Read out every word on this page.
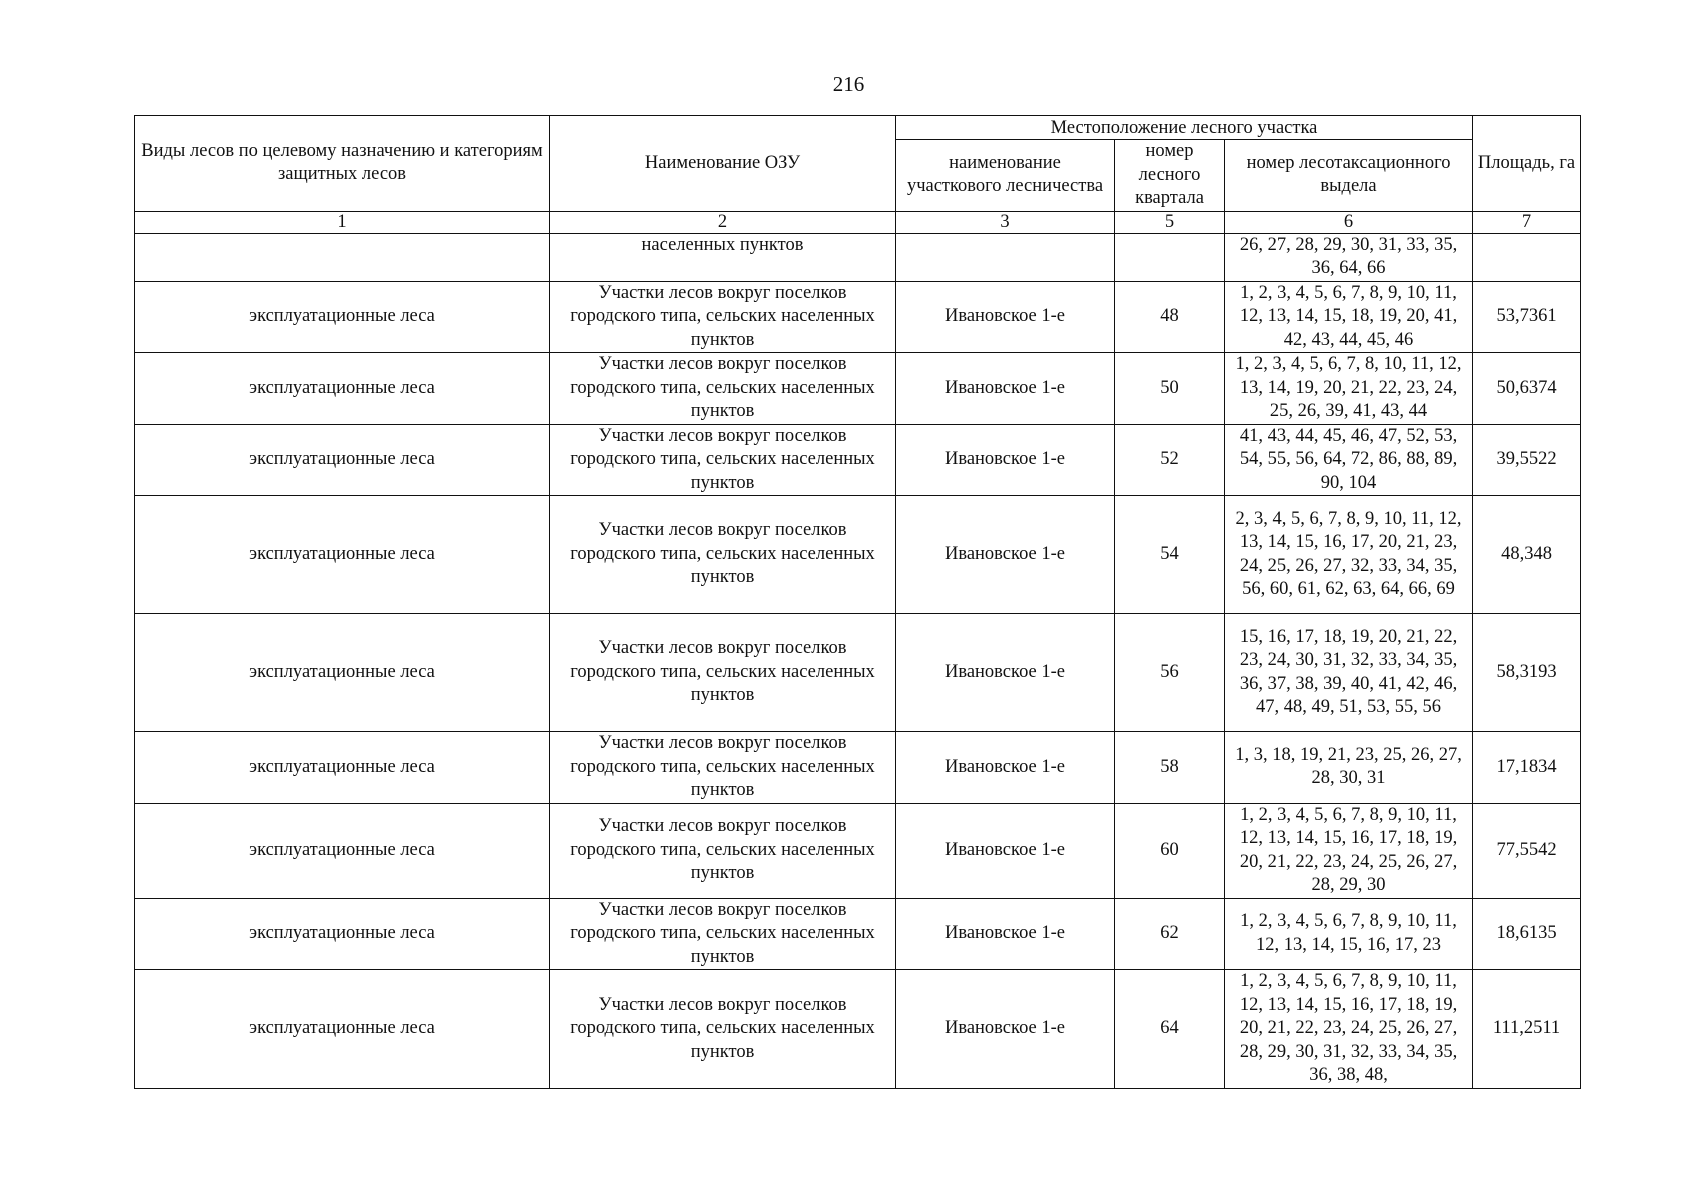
216
Виды лесов по целевому назначению и категориям защитных лесов	Наименование ОЗУ	Местоположение лесного участка			Площадь, га
		наименование участкового лесничества	номер лесного квартала	номер лесотаксационного выдела	
1	2	3	5	6	7
	населенных пунктов			26, 27, 28, 29, 30, 31, 33, 35, 36, 64, 66	
эксплуатационные леса	Участки лесов вокруг поселков городского типа, сельских населенных пунктов	Ивановское 1-е	48	1, 2, 3, 4, 5, 6, 7, 8, 9, 10, 11, 12, 13, 14, 15, 18, 19, 20, 41, 42, 43, 44, 45, 46	53,7361
эксплуатационные леса	Участки лесов вокруг поселков городского типа, сельских населенных пунктов	Ивановское 1-е	50	1, 2, 3, 4, 5, 6, 7, 8, 10, 11, 12, 13, 14, 19, 20, 21, 22, 23, 24, 25, 26, 39, 41, 43, 44	50,6374
эксплуатационные леса	Участки лесов вокруг поселков городского типа, сельских населенных пунктов	Ивановское 1-е	52	41, 43, 44, 45, 46, 47, 52, 53, 54, 55, 56, 64, 72, 86, 88, 89, 90, 104	39,5522
эксплуатационные леса	Участки лесов вокруг поселков городского типа, сельских населенных пунктов	Ивановское 1-е	54	2, 3, 4, 5, 6, 7, 8, 9, 10, 11, 12, 13, 14, 15, 16, 17, 20, 21, 23, 24, 25, 26, 27, 32, 33, 34, 35, 56, 60, 61, 62, 63, 64, 66, 69	48,348
эксплуатационные леса	Участки лесов вокруг поселков городского типа, сельских населенных пунктов	Ивановское 1-е	56	15, 16, 17, 18, 19, 20, 21, 22, 23, 24, 30, 31, 32, 33, 34, 35, 36, 37, 38, 39, 40, 41, 42, 46, 47, 48, 49, 51, 53, 55, 56	58,3193
эксплуатационные леса	Участки лесов вокруг поселков городского типа, сельских населенных пунктов	Ивановское 1-е	58	1, 3, 18, 19, 21, 23, 25, 26, 27, 28, 30, 31	17,1834
эксплуатационные леса	Участки лесов вокруг поселков городского типа, сельских населенных пунктов	Ивановское 1-е	60	1, 2, 3, 4, 5, 6, 7, 8, 9, 10, 11, 12, 13, 14, 15, 16, 17, 18, 19, 20, 21, 22, 23, 24, 25, 26, 27, 28, 29, 30	77,5542
эксплуатационные леса	Участки лесов вокруг поселков городского типа, сельских населенных пунктов	Ивановское 1-е	62	1, 2, 3, 4, 5, 6, 7, 8, 9, 10, 11, 12, 13, 14, 15, 16, 17, 23	18,6135
эксплуатационные леса	Участки лесов вокруг поселков городского типа, сельских населенных пунктов	Ивановское 1-е	64	1, 2, 3, 4, 5, 6, 7, 8, 9, 10, 11, 12, 13, 14, 15, 16, 17, 18, 19, 20, 21, 22, 23, 24, 25, 26, 27, 28, 29, 30, 31, 32, 33, 34, 35, 36, 38, 48,	111,2511
